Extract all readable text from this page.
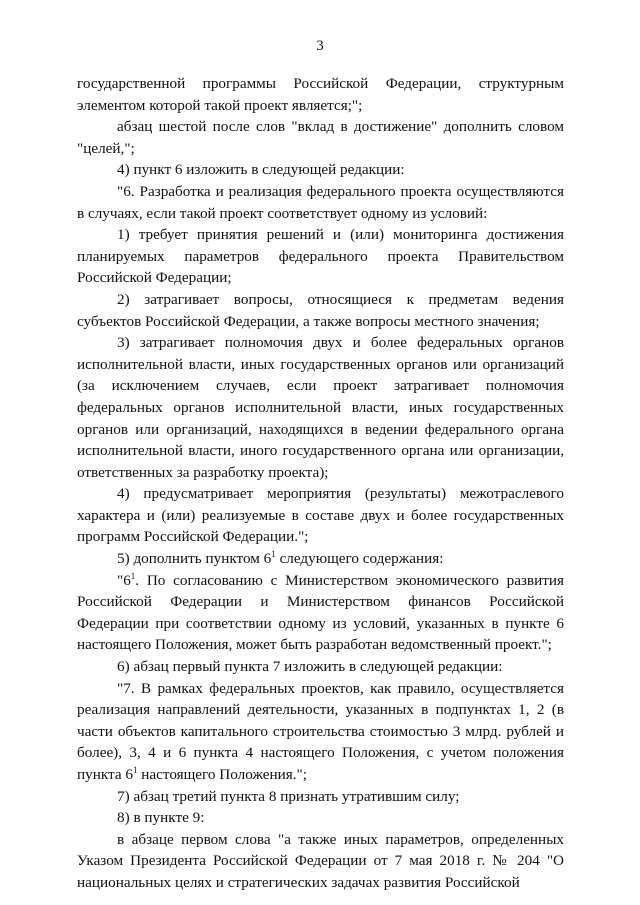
3

государственной программы Российской Федерации, структурным элементом которой такой проект является;";

абзац шестой после слов "вклад в достижение" дополнить словом "целей,";

4) пункт 6 изложить в следующей редакции:

"6. Разработка и реализация федерального проекта осуществляются в случаях, если такой проект соответствует одному из условий:

1) требует принятия решений и (или) мониторинга достижения планируемых параметров федерального проекта Правительством Российской Федерации;

2) затрагивает вопросы, относящиеся к предметам ведения субъектов Российской Федерации, а также вопросы местного значения;

3) затрагивает полномочия двух и более федеральных органов исполнительной власти, иных государственных органов или организаций (за исключением случаев, если проект затрагивает полномочия федеральных органов исполнительной власти, иных государственных органов или организаций, находящихся в ведении федерального органа исполнительной власти, иного государственного органа или организации, ответственных за разработку проекта);

4) предусматривает мероприятия (результаты) межотраслевого характера и (или) реализуемые в составе двух и более государственных программ Российской Федерации.";

5) дополнить пунктом $6^1$ следующего содержания:

"$6^1$. По согласованию с Министерством экономического развития Российской Федерации и Министерством финансов Российской Федерации при соответствии одному из условий, указанных в пункте 6 настоящего Положения, может быть разработан ведомственный проект.";

6) абзац первый пункта 7 изложить в следующей редакции:

"7. В рамках федеральных проектов, как правило, осуществляется реализация направлений деятельности, указанных в подпунктах 1, 2 (в части объектов капитального строительства стоимостью 3 млрд. рублей и более), 3, 4 и 6 пункта 4 настоящего Положения, с учетом положения пункта $6^1$ настоящего Положения.";

7) абзац третий пункта 8 признать утратившим силу;

8) в пункте 9:

в абзаце первом слова "а также иных параметров, определенных Указом Президента Российской Федерации от 7 мая 2018 г. № 204 "О национальных целях и стратегических задачах развития Российской
